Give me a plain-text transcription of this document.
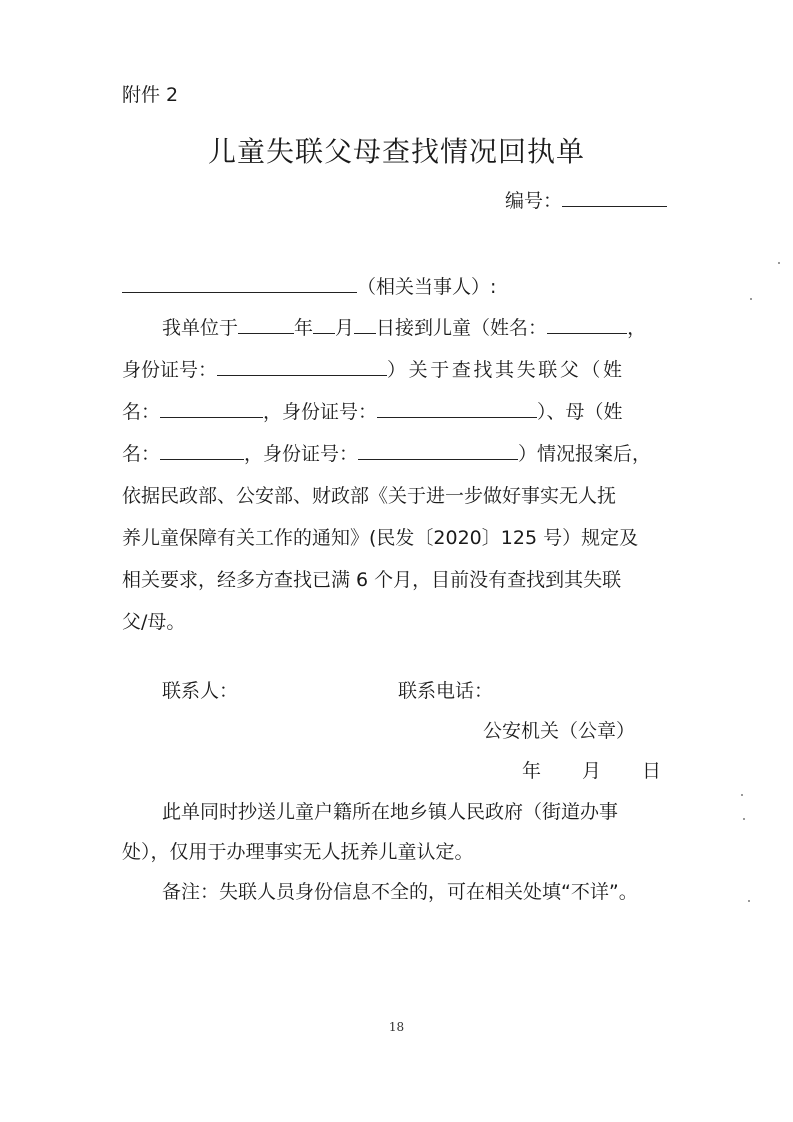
附件 2
儿童失联父母查找情况回执单
编号：
（相关当事人）:
我单位于	年 月 日接到儿童（姓名：	，
身份证号：	）关于查找其失联父（姓
名：	，身份证号：	）、母（姓
名：	，身份证号：	）情况报案后，
依据民政部、公安部、财政部《关于进一步做好事实无人抚
养儿童保障有关工作的通知》(民发〔2020〕125 号）规定及
相关要求，经多方查找已满 6 个月，目前没有查找到其失联
父/母。
联系人：	联系电话：
公安机关（公章）
年　　月　　日
此单同时抄送儿童户籍所在地乡镇人民政府（街道办事
处），仅用于办理事实无人抚养儿童认定。
备注：失联人员身份信息不全的，可在相关处填“不详”。
18
